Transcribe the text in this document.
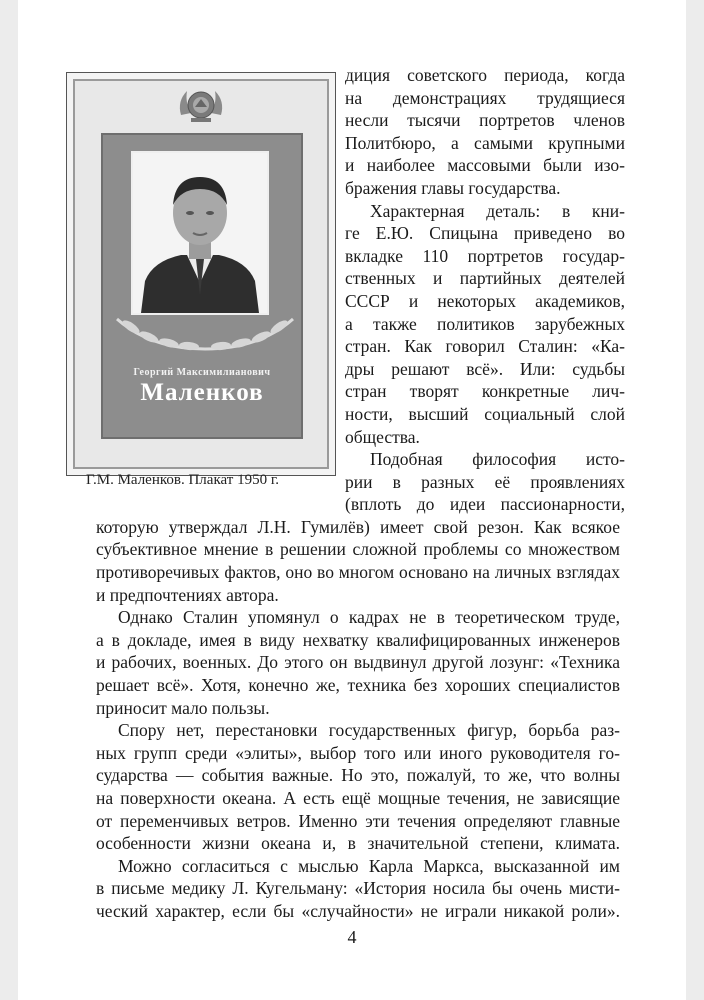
Георгий Максимилианович
Маленков
Г.М. Маленков. Плакат 1950 г.
диция советского периода, когда
на демонстрациях трудящиеся
несли тысячи портретов членов
Политбюро, а самыми крупными
и наиболее массовыми были изо-
бражения главы государства.
Характерная деталь: в кни-
ге Е.Ю. Спицына приведено во
вкладке 110 портретов государ-
ственных и партийных деятелей
СССР и некоторых академиков,
а также политиков зарубежных
стран. Как говорил Сталин: «Ка-
дры решают всё». Или: судьбы
стран творят конкретные лич-
ности, высший социальный слой
общества.
Подобная философия исто-
рии в разных её проявлениях
(вплоть до идеи пассионарности,
которую утверждал Л.Н. Гумилёв) имеет свой резон. Как всякое
субъективное мнение в решении сложной проблемы со множеством
противоречивых фактов, оно во многом основано на личных взглядах
и предпочтениях автора.
Однако Сталин упомянул о кадрах не в теоретическом труде,
а в докладе, имея в виду нехватку квалифицированных инженеров
и рабочих, военных. До этого он выдвинул другой лозунг: «Техника
решает всё». Хотя, конечно же, техника без хороших специалистов
приносит мало пользы.
Спору нет, перестановки государственных фигур, борьба раз-
ных групп среди «элиты», выбор того или иного руководителя го-
сударства — события важные. Но это, пожалуй, то же, что волны
на поверхности океана. А есть ещё мощные течения, не зависящие
от переменчивых ветров. Именно эти течения определяют главные
особенности жизни океана и, в значительной степени, климата.
Можно согласиться с мыслью Карла Маркса, высказанной им
в письме медику Л. Кугельману: «История носила бы очень мисти-
ческий характер, если бы «случайности» не играли никакой роли».
4
